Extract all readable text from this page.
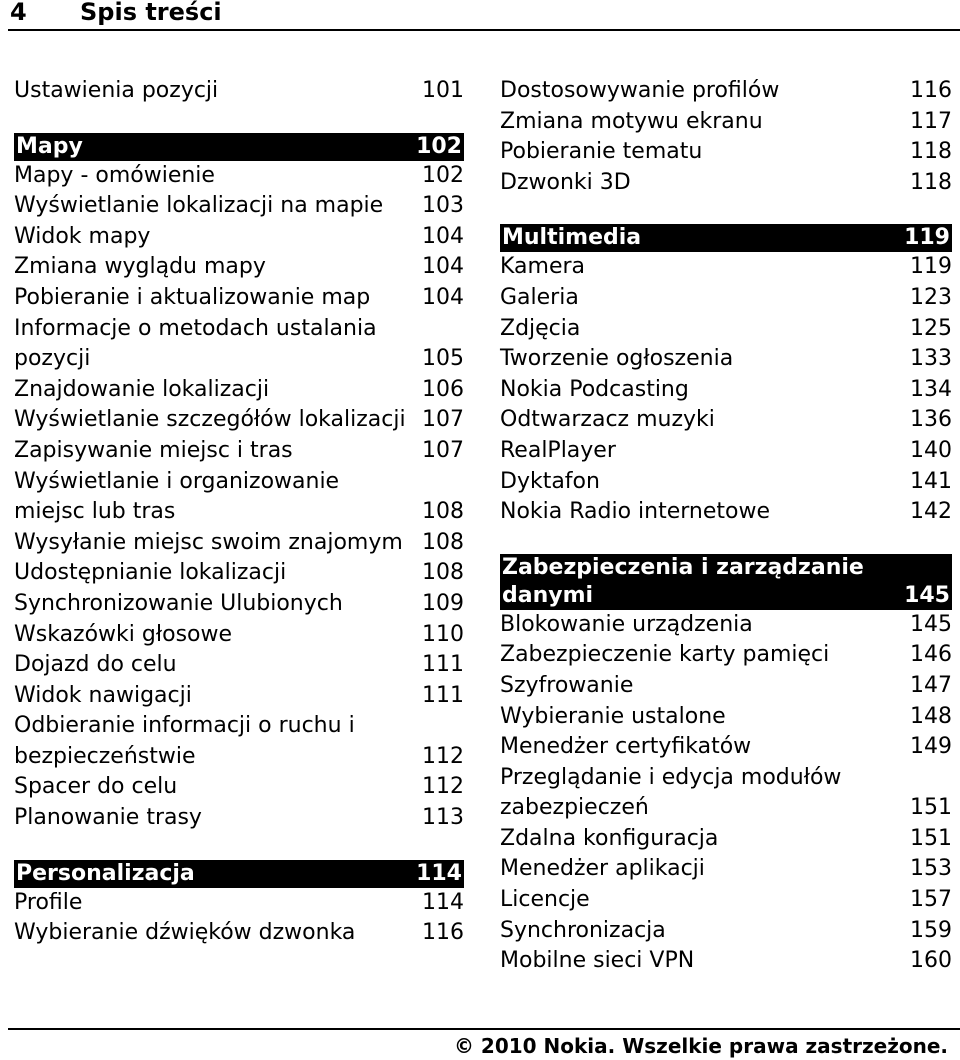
4 Spis treści
Ustawienia pozycji	101
Mapy	102
Mapy - omówienie	102
Wyświetlanie lokalizacji na mapie	103
Widok mapy	104
Zmiana wyglądu mapy	104
Pobieranie i aktualizowanie map	104
Informacje o metodach ustalania pozycji	105
Znajdowanie lokalizacji	106
Wyświetlanie szczegółów lokalizacji 107
Zapisywanie miejsc i tras	107
Wyświetlanie i organizowanie miejsc lub tras	108
Wysyłanie miejsc swoim znajomym 108
Udostępnianie lokalizacji	108
Synchronizowanie Ulubionych	109
Wskazówki głosowe	110
Dojazd do celu	111
Widok nawigacji	111
Odbieranie informacji o ruchu i bezpieczeństwie	112
Spacer do celu	112
Planowanie trasy	113
Personalizacja	114
Profile	114
Wybieranie dźwięków dzwonka	116
Dostosowywanie profilów	116
Zmiana motywu ekranu	117
Pobieranie tematu	118
Dzwonki 3D	118
Multimedia	119
Kamera	119
Galeria	123
Zdjęcia	125
Tworzenie ogłoszenia	133
Nokia Podcasting	134
Odtwarzacz muzyki	136
RealPlayer	140
Dyktafon	141
Nokia Radio internetowe	142
Zabezpieczenia i zarządzanie danymi	145
Blokowanie urządzenia	145
Zabezpieczenie karty pamięci	146
Szyfrowanie	147
Wybieranie ustalone	148
Menedżer certyfikatów	149
Przeglądanie i edycja modułów zabezpieczeń	151
Zdalna konfiguracja	151
Menedżer aplikacji	153
Licencje	157
Synchronizacja	159
Mobilne sieci VPN	160
© 2010 Nokia. Wszelkie prawa zastrzeżone.
